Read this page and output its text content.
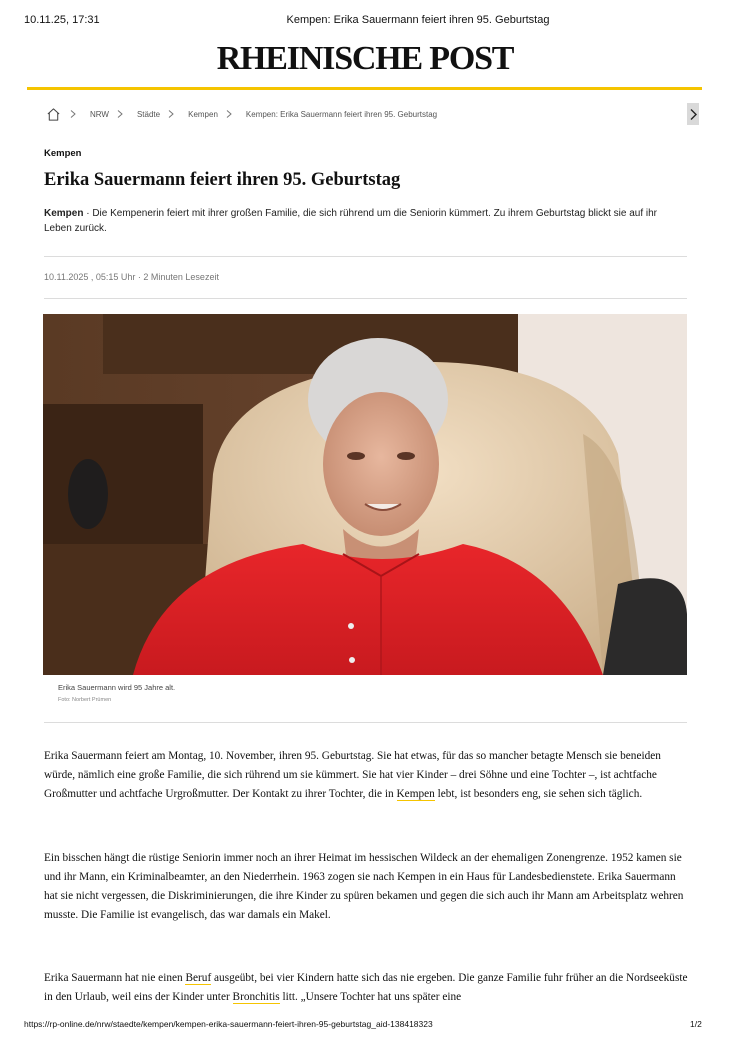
10.11.25, 17:31	Kempen: Erika Sauermann feiert ihren 95. Geburtstag
RHEINISCHE POST
NRW	Städte	Kempen	Kempen: Erika Sauermann feiert ihren 95. Geburtstag
Kempen
Erika Sauermann feiert ihren 95. Geburtstag
Kempen · Die Kempenerin feiert mit ihrer großen Familie, die sich rührend um die Seniorin kümmert. Zu ihrem Geburtstag blickt sie auf ihr Leben zurück.
10.11.2025 , 05:15 Uhr · 2 Minuten Lesezeit
Erika Sauermann wird 95 Jahre alt.
Foto: Norbert Prümen

Erika Sauermann feiert am Montag, 10. November, ihren 95. Geburtstag. Sie hat etwas, für das so mancher betagte Mensch sie beneiden würde, nämlich eine große Familie, die sich rührend um sie kümmert. Sie hat vier Kinder – drei Söhne und eine Tochter –, ist achtfache Großmutter und achtfache Urgroßmutter. Der Kontakt zu ihrer Tochter, die in Kempen lebt, ist besonders eng, sie sehen sich täglich.

Ein bisschen hängt die rüstige Seniorin immer noch an ihrer Heimat im hessischen Wildeck an der ehemaligen Zonengrenze. 1952 kamen sie und ihr Mann, ein Kriminalbeamter, an den Niederrhein. 1963 zogen sie nach Kempen in ein Haus für Landesbedienstete. Erika Sauermann hat sie nicht vergessen, die Diskriminierungen, die ihre Kinder zu spüren bekamen und gegen die sich auch ihr Mann am Arbeitsplatz wehren musste. Die Familie ist evangelisch, das war damals ein Makel.

Erika Sauermann hat nie einen Beruf ausgeübt, bei vier Kindern hatte sich das nie ergeben. Die ganze Familie fuhr früher an die Nordseeküste in den Urlaub, weil eins der Kinder unter Bronchitis litt. „Unsere Tochter hat uns später eine

https://rp-online.de/nrw/staedte/kempen/kempen-erika-sauermann-feiert-ihren-95-geburtstag_aid-138418323	1/2
